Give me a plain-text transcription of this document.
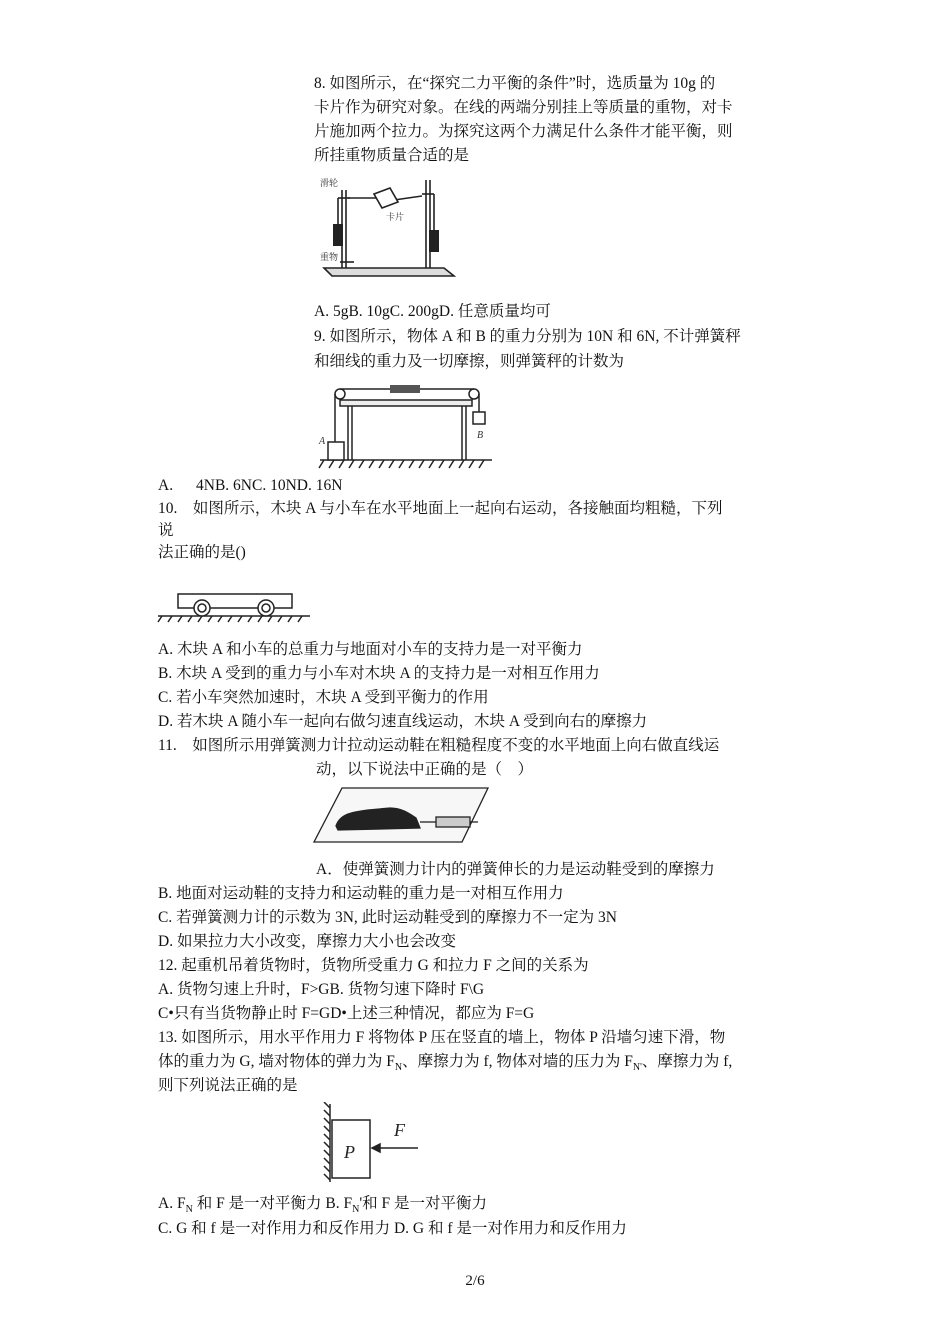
8. 如图所示，在“探究二力平衡的条件”时，选质量为 10g 的
卡片作为研究对象。在线的两端分别挂上等质量的重物，对卡
片施加两个拉力。为探究这两个力满足什么条件才能平衡，则
所挂重物质量合适的是
滑轮
卡片
重物
A. 5gB. 10gC. 200gD. 任意质量均可
9. 如图所示，物体 A 和 B 的重力分别为 10N 和 6N, 不计弹簧秤
和细线的重力及一切摩擦，则弹簧秤的计数为
A
B
A. 4NB. 6NC. 10ND. 16N
10.　如图所示，木块 A 与小车在水平地面上一起向右运动，各接触面均粗糙，下列
说
法正确的是()
A. 木块 A 和小车的总重力与地面对小车的支持力是一对平衡力
B. 木块 A 受到的重力与小车对木块 A 的支持力是一对相互作用力
C. 若小车突然加速时，木块 A 受到平衡力的作用
D. 若木块 A 随小车一起向右做匀速直线运动，木块 A 受到向右的摩擦力
11.　如图所示用弹簧测力计拉动运动鞋在粗糙程度不变的水平地面上向右做直线运
动，以下说法中正确的是（　）
A．使弹簧测力计内的弹簧伸长的力是运动鞋受到的摩擦力
B. 地面对运动鞋的支持力和运动鞋的重力是一对相互作用力
C. 若弹簧测力计的示数为 3N, 此时运动鞋受到的摩擦力不一定为 3N
D. 如果拉力大小改变，摩擦力大小也会改变
12. 起重机吊着货物时，货物所受重力 G 和拉力 F 之间的关系为
A. 货物匀速上升时，F>GB. 货物匀速下降时 F\G
C•只有当货物静止时 F=GD•上述三种情况，都应为 F=G
13. 如图所示，用水平作用力 F 将物体 P 压在竖直的墙上，物体 P 沿墙匀速下滑，物
体的重力为 G, 墙对物体的弹力为 $F_N$、摩擦力为 f, 物体对墙的压力为 $F_{N'}$、摩擦力为 f,
则下列说法正确的是
P
F
A. $F_N$ 和 F 是一对平衡力 B. $F_N'$和 F 是一对平衡力
C. G 和 f 是一对作用力和反作用力 D. G 和 f 是一对作用力和反作用力
2/6
